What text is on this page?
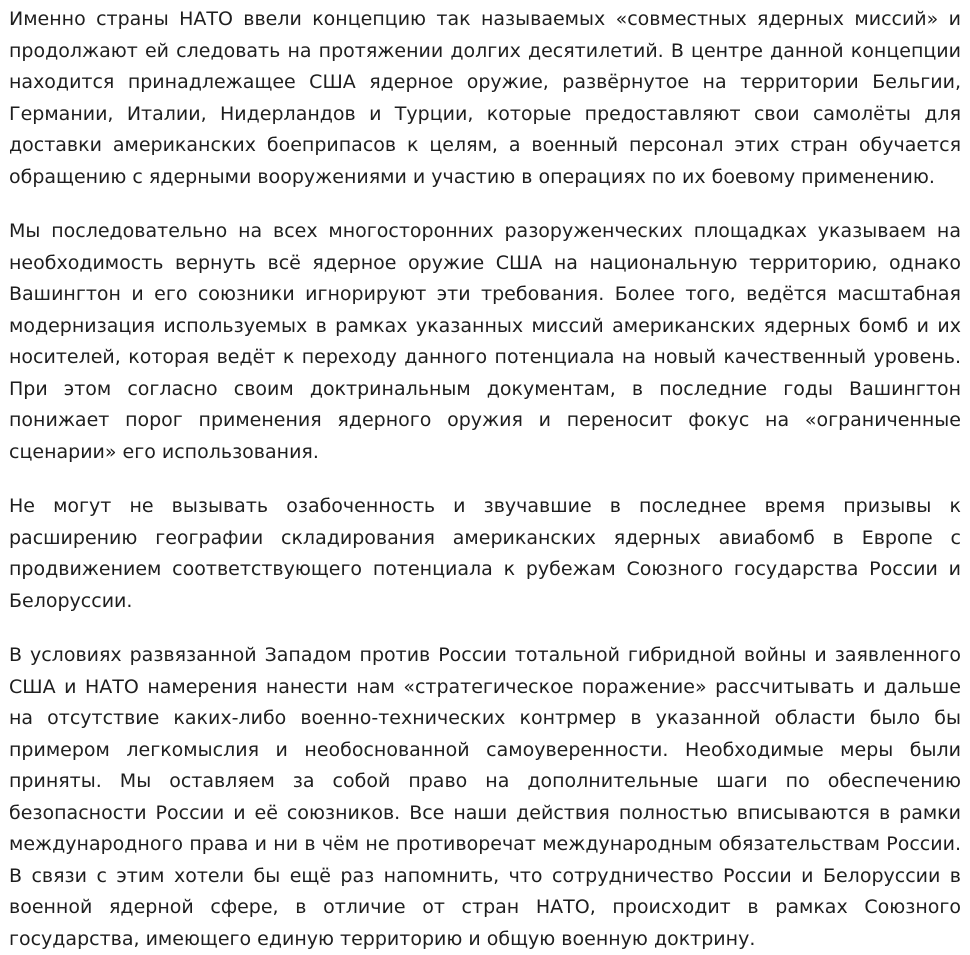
Именно страны НАТО ввели концепцию так называемых «совместных ядерных миссий» и продолжают ей следовать на протяжении долгих десятилетий. В центре данной концепции находится принадлежащее США ядерное оружие, развёрнутое на территории Бельгии, Германии, Италии, Нидерландов и Турции, которые предоставляют свои самолёты для доставки американских боеприпасов к целям, а военный персонал этих стран обучается обращению с ядерными вооружениями и участию в операциях по их боевому применению.

Мы последовательно на всех многосторонних разоруженческих площадках указываем на необходимость вернуть всё ядерное оружие США на национальную территорию, однако Вашингтон и его союзники игнорируют эти требования. Более того, ведётся масштабная модернизация используемых в рамках указанных миссий американских ядерных бомб и их носителей, которая ведёт к переходу данного потенциала на новый качественный уровень. При этом согласно своим доктринальным документам, в последние годы Вашингтон понижает порог применения ядерного оружия и переносит фокус на «ограниченные сценарии» его использования.

Не могут не вызывать озабоченность и звучавшие в последнее время призывы к расширению географии складирования американских ядерных авиабомб в Европе с продвижением соответствующего потенциала к рубежам Союзного государства России и Белоруссии.

В условиях развязанной Западом против России тотальной гибридной войны и заявленного США и НАТО намерения нанести нам «стратегическое поражение» рассчитывать и дальше на отсутствие каких-либо военно-технических контрмер в указанной области было бы примером легкомыслия и необоснованной самоуверенности. Необходимые меры были приняты. Мы оставляем за собой право на дополнительные шаги по обеспечению безопасности России и её союзников. Все наши действия полностью вписываются в рамки международного права и ни в чём не противоречат международным обязательствам России. В связи с этим хотели бы ещё раз напомнить, что сотрудничество России и Белоруссии в военной ядерной сфере, в отличие от стран НАТО, происходит в рамках Союзного государства, имеющего единую территорию и общую военную доктрину.
